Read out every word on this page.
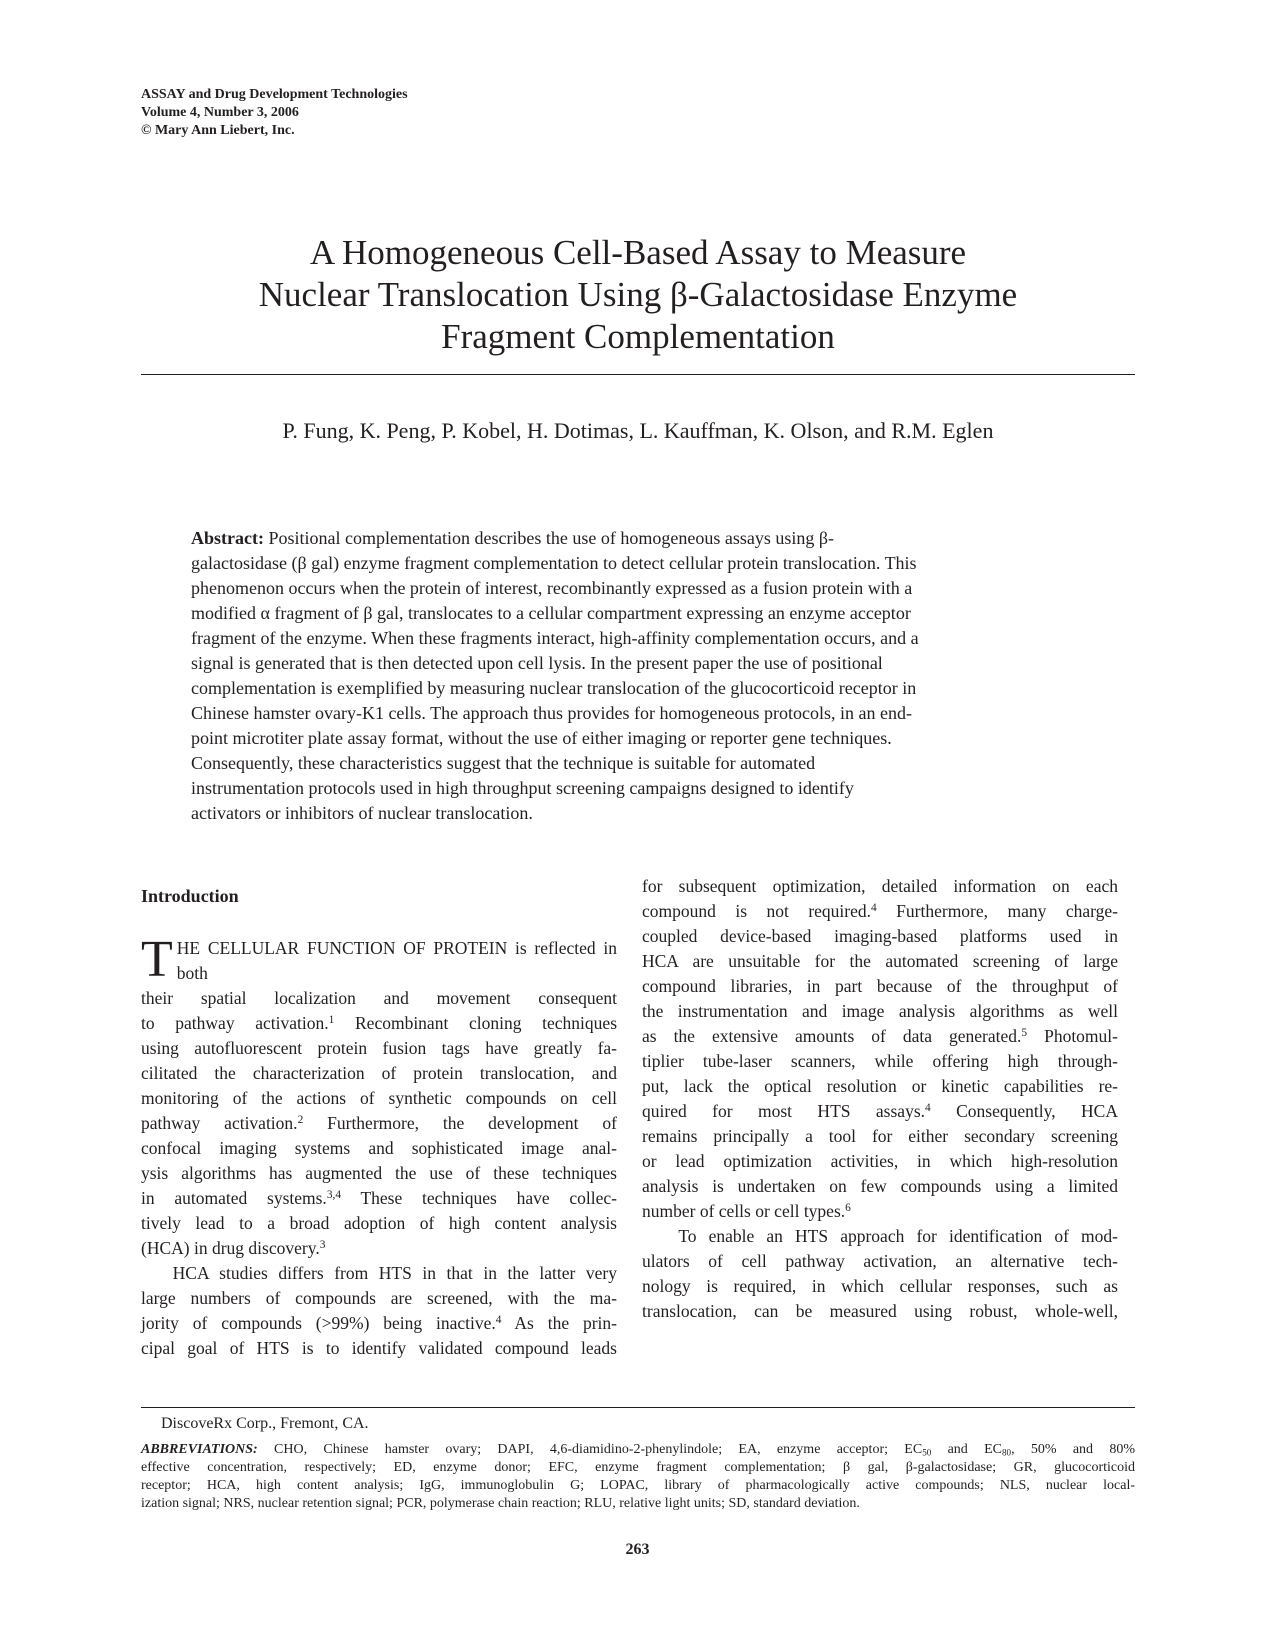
ASSAY and Drug Development Technologies
Volume 4, Number 3, 2006
© Mary Ann Liebert, Inc.
A Homogeneous Cell-Based Assay to Measure
Nuclear Translocation Using β-Galactosidase Enzyme
Fragment Complementation
P. Fung, K. Peng, P. Kobel, H. Dotimas, L. Kauffman, K. Olson, and R.M. Eglen
Abstract: Positional complementation describes the use of homogeneous assays using β-
galactosidase (β gal) enzyme fragment complementation to detect cellular protein translocation. This
phenomenon occurs when the protein of interest, recombinantly expressed as a fusion protein with a
modified α fragment of β gal, translocates to a cellular compartment expressing an enzyme acceptor
fragment of the enzyme. When these fragments interact, high-affinity complementation occurs, and a
signal is generated that is then detected upon cell lysis. In the present paper the use of positional
complementation is exemplified by measuring nuclear translocation of the glucocorticoid receptor in
Chinese hamster ovary-K1 cells. The approach thus provides for homogeneous protocols, in an end-
point microtiter plate assay format, without the use of either imaging or reporter gene techniques.
Consequently, these characteristics suggest that the technique is suitable for automated
instrumentation protocols used in high throughput screening campaigns designed to identify
activators or inhibitors of nuclear translocation.
Introduction
T HE CELLULAR FUNCTION OF PROTEIN is reflected in both
their spatial localization and movement consequent
to pathway activation.$^1$ Recombinant cloning techniques
using autofluorescent protein fusion tags have greatly fa-
cilitated the characterization of protein translocation, and
monitoring of the actions of synthetic compounds on cell
pathway activation.$^2$ Furthermore, the development of
confocal imaging systems and sophisticated image anal-
ysis algorithms has augmented the use of these techniques
in automated systems.$^{3,4}$ These techniques have collec-
tively lead to a broad adoption of high content analysis
(HCA) in drug discovery.$^3$
HCA studies differs from HTS in that in the latter very
large numbers of compounds are screened, with the ma-
jority of compounds (>99%) being inactive.$^4$ As the prin-
cipal goal of HTS is to identify validated compound leads
for subsequent optimization, detailed information on each
compound is not required.$^4$ Furthermore, many charge-
coupled device-based imaging-based platforms used in
HCA are unsuitable for the automated screening of large
compound libraries, in part because of the throughput of
the instrumentation and image analysis algorithms as well
as the extensive amounts of data generated.$^5$ Photomul-
tiplier tube-laser scanners, while offering high through-
put, lack the optical resolution or kinetic capabilities re-
quired for most HTS assays.$^4$ Consequently, HCA
remains principally a tool for either secondary screening
or lead optimization activities, in which high-resolution
analysis is undertaken on few compounds using a limited
number of cells or cell types.$^6$
To enable an HTS approach for identification of mod-
ulators of cell pathway activation, an alternative tech-
nology is required, in which cellular responses, such as
translocation, can be measured using robust, whole-well,
DiscoveRx Corp., Fremont, CA.
ABBREVIATIONS: CHO, Chinese hamster ovary; DAPI, 4,6-diamidino-2-phenylindole; EA, enzyme acceptor; $EC_{50}$ and $EC_{80}$, 50% and 80%
effective concentration, respectively; ED, enzyme donor; EFC, enzyme fragment complementation; β gal, β-galactosidase; GR, glucocorticoid
receptor; HCA, high content analysis; IgG, immunoglobulin G; LOPAC, library of pharmacologically active compounds; NLS, nuclear local-
ization signal; NRS, nuclear retention signal; PCR, polymerase chain reaction; RLU, relative light units; SD, standard deviation.
263
